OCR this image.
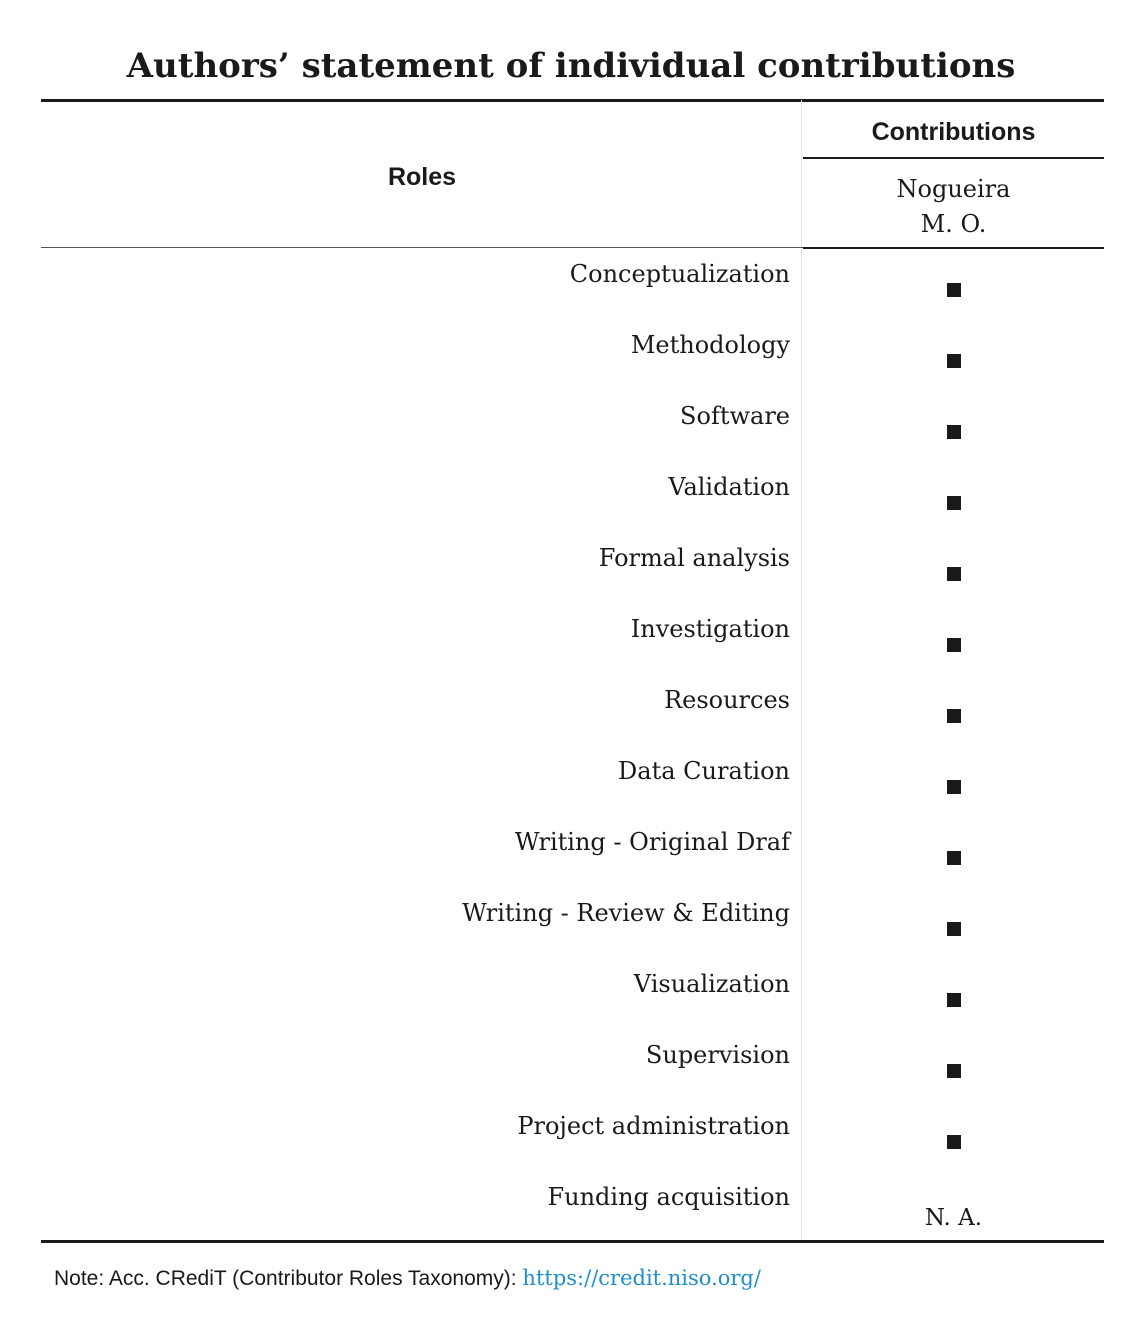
Authors’ statement of individual contributions
Roles
Contributions
Nogueira
M. O.
Conceptualization
Methodology
Software
Validation
Formal analysis
Investigation
Resources
Data Curation
Writing - Original Draf
Writing - Review & Editing
Visualization
Supervision
Project administration
Funding acquisition
N. A.
Note: Acc. CRediT (Contributor Roles Taxonomy): https://credit.niso.org/
